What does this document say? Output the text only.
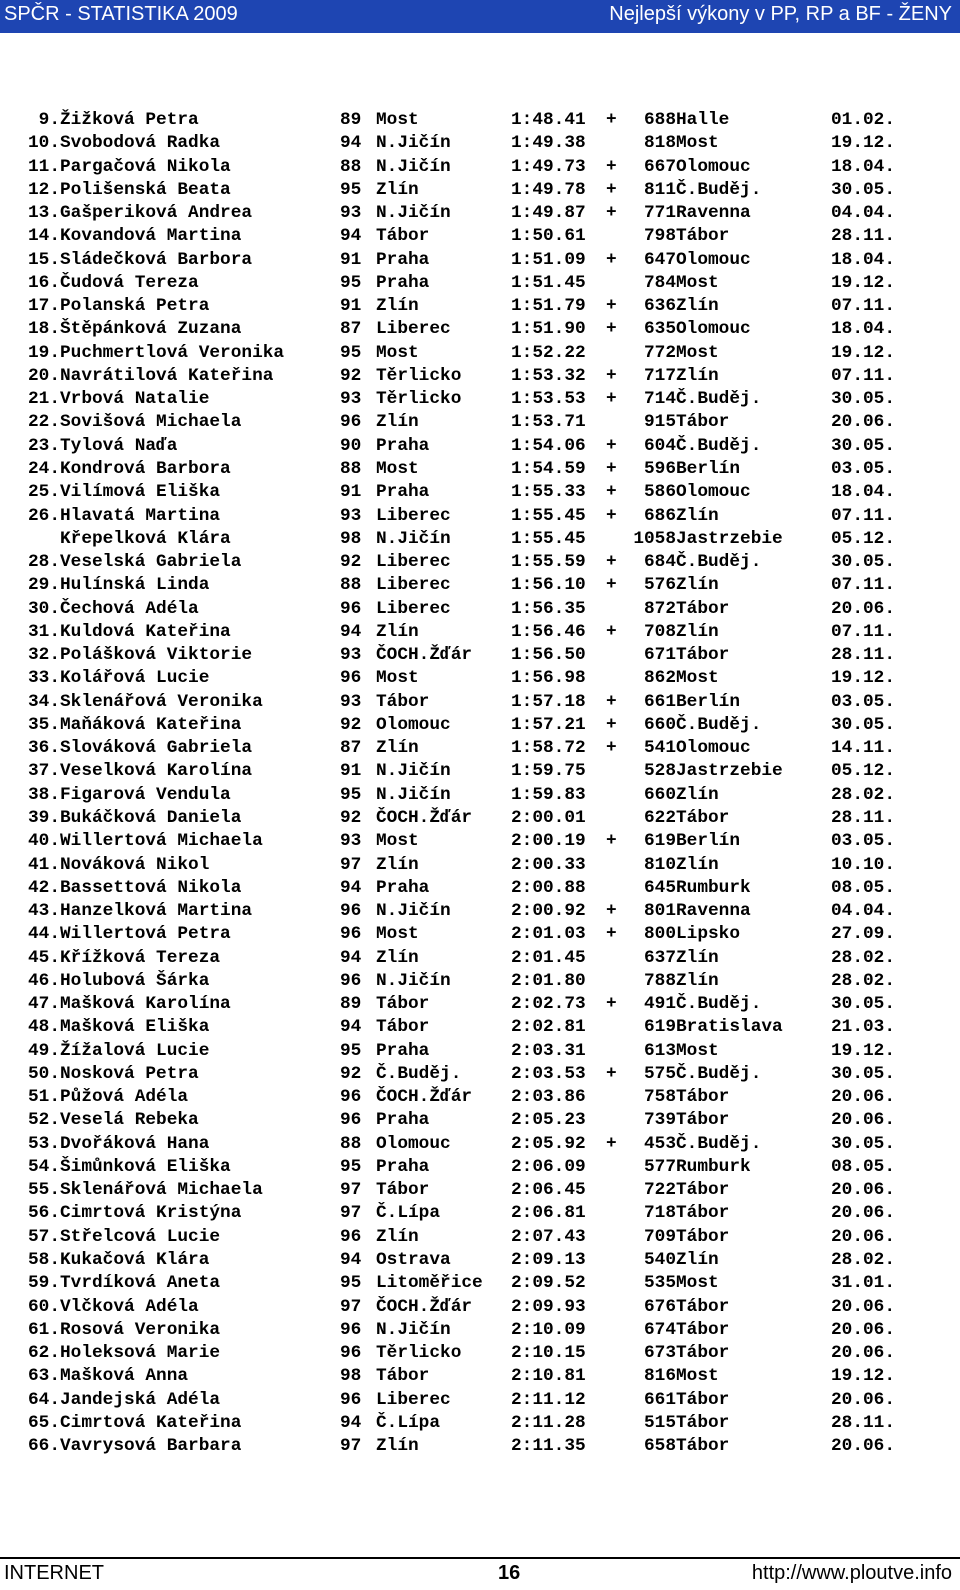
SPČR - STATISTIKA 2009	Nejlepší výkony v PP, RP a BF - ŽENY
9.	Žižková Petra	89	Most	1:48.41	+	688	Halle	01.02.
10.	Svobodová Radka	94	N.Jičín	1:49.38		818	Most	19.12.
11.	Pargačová Nikola	88	N.Jičín	1:49.73	+	667	Olomouc	18.04.
12.	Polišenská Beata	95	Zlín	1:49.78	+	811	Č.Buděj.	30.05.
13.	Gašperiková Andrea	93	N.Jičín	1:49.87	+	771	Ravenna	04.04.
14.	Kovandová Martina	94	Tábor	1:50.61		798	Tábor	28.11.
15.	Sládečková Barbora	91	Praha	1:51.09	+	647	Olomouc	18.04.
16.	Čudová Tereza	95	Praha	1:51.45		784	Most	19.12.
17.	Polanská Petra	91	Zlín	1:51.79	+	636	Zlín	07.11.
18.	Štěpánková Zuzana	87	Liberec	1:51.90	+	635	Olomouc	18.04.
19.	Puchmertlová Veronika	95	Most	1:52.22		772	Most	19.12.
20.	Navrátilová Kateřina	92	Těrlicko	1:53.32	+	717	Zlín	07.11.
21.	Vrbová Natalie	93	Těrlicko	1:53.53	+	714	Č.Buděj.	30.05.
22.	Sovišová Michaela	96	Zlín	1:53.71		915	Tábor	20.06.
23.	Tylová Naďa	90	Praha	1:54.06	+	604	Č.Buděj.	30.05.
24.	Kondrová Barbora	88	Most	1:54.59	+	596	Berlín	03.05.
25.	Vilímová Eliška	91	Praha	1:55.33	+	586	Olomouc	18.04.
26.	Hlavatá Martina	93	Liberec	1:55.45	+	686	Zlín	07.11.
	Křepelková Klára	98	N.Jičín	1:55.45		1058	Jastrzebie	05.12.
28.	Veselská Gabriela	92	Liberec	1:55.59	+	684	Č.Buděj.	30.05.
29.	Hulínská Linda	88	Liberec	1:56.10	+	576	Zlín	07.11.
30.	Čechová Adéla	96	Liberec	1:56.35		872	Tábor	20.06.
31.	Kuldová Kateřina	94	Zlín	1:56.46	+	708	Zlín	07.11.
32.	Polášková Viktorie	93	ČOCH.Žďár	1:56.50		671	Tábor	28.11.
33.	Kolářová Lucie	96	Most	1:56.98		862	Most	19.12.
34.	Sklenářová Veronika	93	Tábor	1:57.18	+	661	Berlín	03.05.
35.	Maňáková Kateřina	92	Olomouc	1:57.21	+	660	Č.Buděj.	30.05.
36.	Slováková Gabriela	87	Zlín	1:58.72	+	541	Olomouc	14.11.
37.	Veselková Karolína	91	N.Jičín	1:59.75		528	Jastrzebie	05.12.
38.	Figarová Vendula	95	N.Jičín	1:59.83		660	Zlín	28.02.
39.	Bukáčková Daniela	92	ČOCH.Žďár	2:00.01		622	Tábor	28.11.
40.	Willertová Michaela	93	Most	2:00.19	+	619	Berlín	03.05.
41.	Nováková Nikol	97	Zlín	2:00.33		810	Zlín	10.10.
42.	Bassettová Nikola	94	Praha	2:00.88		645	Rumburk	08.05.
43.	Hanzelková Martina	96	N.Jičín	2:00.92	+	801	Ravenna	04.04.
44.	Willertová Petra	96	Most	2:01.03	+	800	Lipsko	27.09.
45.	Křížková Tereza	94	Zlín	2:01.45		637	Zlín	28.02.
46.	Holubová Šárka	96	N.Jičín	2:01.80		788	Zlín	28.02.
47.	Mašková Karolína	89	Tábor	2:02.73	+	491	Č.Buděj.	30.05.
48.	Mašková Eliška	94	Tábor	2:02.81		619	Bratislava	21.03.
49.	Žížalová Lucie	95	Praha	2:03.31		613	Most	19.12.
50.	Nosková Petra	92	Č.Buděj.	2:03.53	+	575	Č.Buděj.	30.05.
51.	Půžová Adéla	96	ČOCH.Žďár	2:03.86		758	Tábor	20.06.
52.	Veselá Rebeka	96	Praha	2:05.23		739	Tábor	20.06.
53.	Dvořáková Hana	88	Olomouc	2:05.92	+	453	Č.Buděj.	30.05.
54.	Šimůnková Eliška	95	Praha	2:06.09		577	Rumburk	08.05.
55.	Sklenářová Michaela	97	Tábor	2:06.45		722	Tábor	20.06.
56.	Cimrtová Kristýna	97	Č.Lípa	2:06.81		718	Tábor	20.06.
57.	Střelcová Lucie	96	Zlín	2:07.43		709	Tábor	20.06.
58.	Kukačová Klára	94	Ostrava	2:09.13		540	Zlín	28.02.
59.	Tvrdíková Aneta	95	Litoměřice	2:09.52		535	Most	31.01.
60.	Vlčková Adéla	97	ČOCH.Žďár	2:09.93		676	Tábor	20.06.
61.	Rosová Veronika	96	N.Jičín	2:10.09		674	Tábor	20.06.
62.	Holeksová Marie	96	Těrlicko	2:10.15		673	Tábor	20.06.
63.	Mašková Anna	98	Tábor	2:10.81		816	Most	19.12.
64.	Jandejská Adéla	96	Liberec	2:11.12		661	Tábor	20.06.
65.	Cimrtová Kateřina	94	Č.Lípa	2:11.28		515	Tábor	28.11.
66.	Vavrysová Barbara	97	Zlín	2:11.35		658	Tábor	20.06.
INTERNET	16	http://www.ploutve.info
